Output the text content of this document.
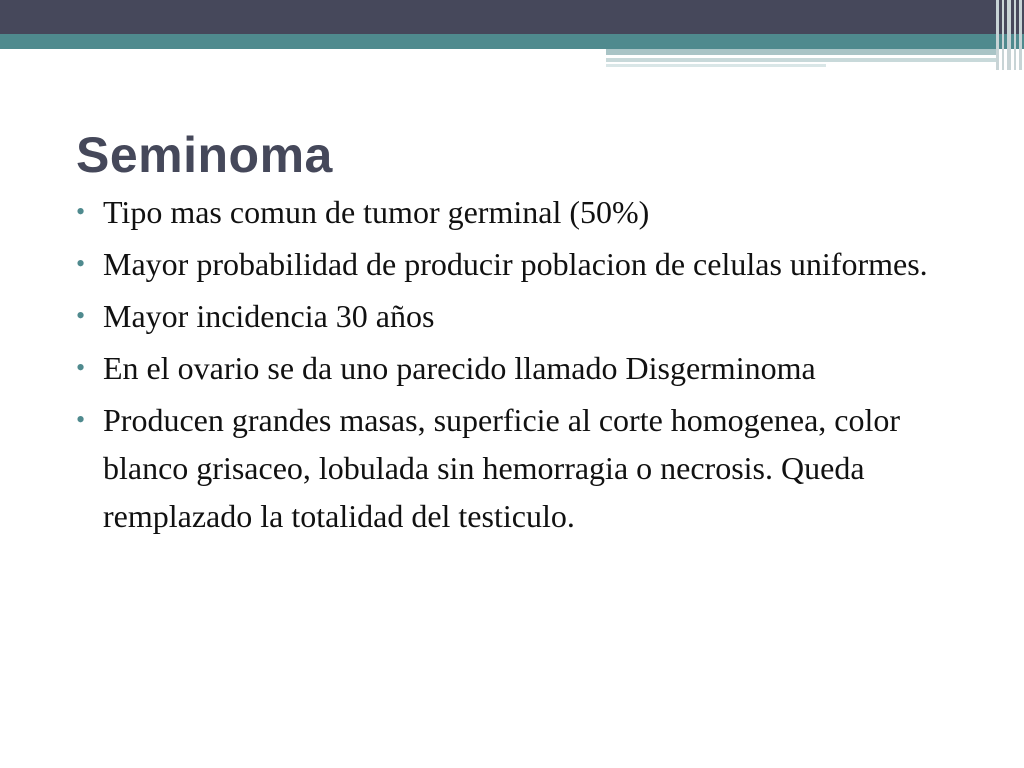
Seminoma
• Tipo mas comun de tumor germinal (50%)
• Mayor probabilidad de producir poblacion de celulas uniformes.
• Mayor incidencia 30 años
• En el ovario se da uno parecido llamado Disgerminoma
• Producen grandes masas, superficie al corte homogenea, color blanco grisaceo, lobulada sin hemorragia o necrosis. Queda remplazado la totalidad del testiculo.
